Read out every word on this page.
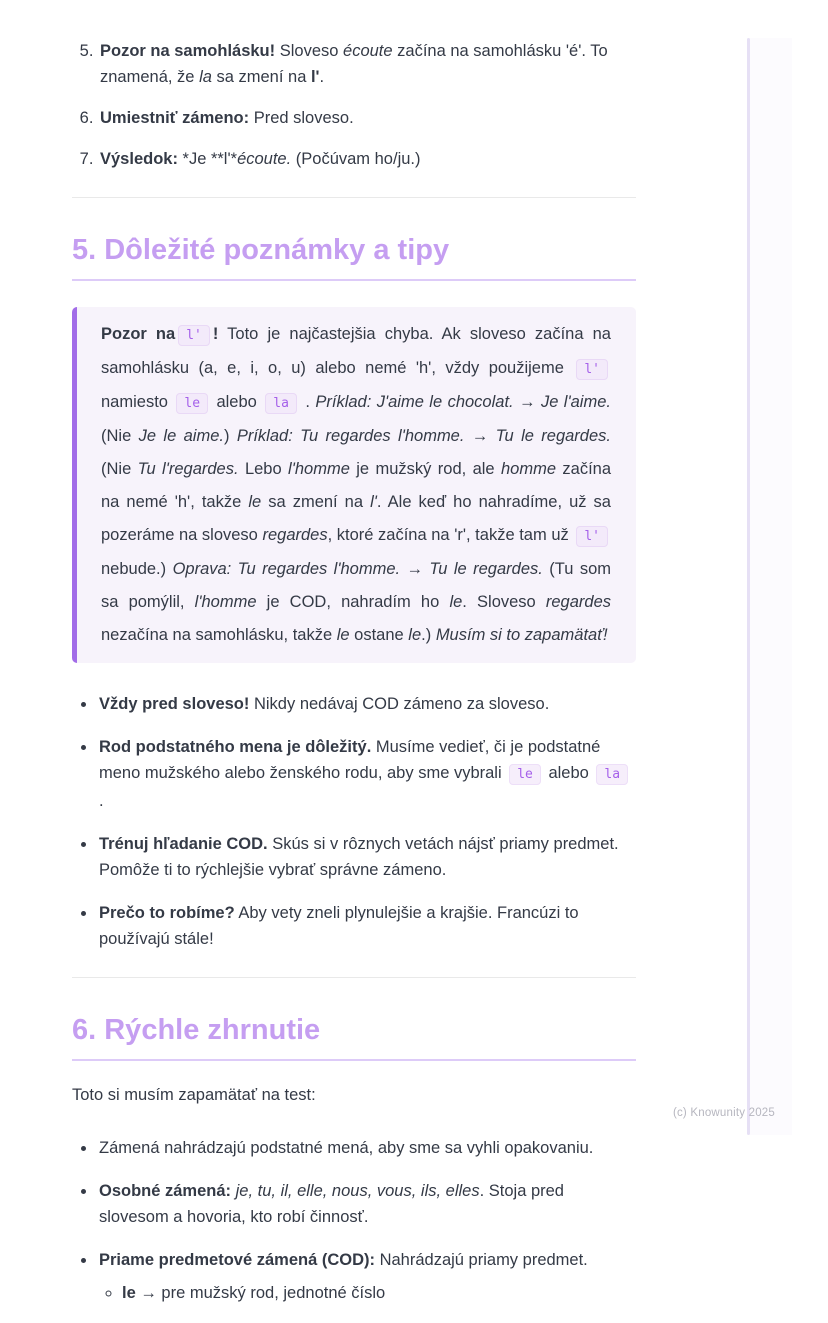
5. Pozor na samohlásku! Sloveso écoute začína na samohlásku 'é'. To znamená, že la sa zmení na l'.
6. Umiestniť zámeno: Pred sloveso.
7. Výsledok: *Je **l'*écoute. (Počúvam ho/ju.)
5. Dôležité poznámky a tipy
Pozor na l' ! Toto je najčastejšia chyba. Ak sloveso začína na samohlásku (a, e, i, o, u) alebo nemé 'h', vždy použijeme l' namiesto le alebo la . Príklad: J'aime le chocolat. → Je l'aime. (Nie Je le aime.) Príklad: Tu regardes l'homme. → Tu le regardes. (Nie Tu l'regardes. Lebo l'homme je mužský rod, ale homme začína na nemé 'h', takže le sa zmení na l'. Ale keď ho nahradíme, už sa pozeráme na sloveso regardes, ktoré začína na 'r', takže tam už l' nebude.) Oprava: Tu regardes l'homme. → Tu le regardes. (Tu som sa pomýlil, l'homme je COD, nahradím ho le. Sloveso regardes nezačína na samohlásku, takže le ostane le.) Musím si to zapamätať!
• Vždy pred sloveso! Nikdy nedávaj COD zámeno za sloveso.
• Rod podstatného mena je dôležitý. Musíme vedieť, či je podstatné meno mužského alebo ženského rodu, aby sme vybrali le alebo la .
• Trénuj hľadanie COD. Skús si v rôznych vetách nájsť priamy predmet. Pomôže ti to rýchlejšie vybrať správne zámeno.
• Prečo to robíme? Aby vety zneli plynulejšie a krajšie. Francúzi to používajú stále!
6. Rýchle zhrnutie

Toto si musím zapamätať na test:

• Zámená nahrádzajú podstatné mená, aby sme sa vyhli opakovaniu.
• Osobné zámená: je, tu, il, elle, nous, vous, ils, elles. Stoja pred slovesom a hovoria, kto robí činnosť.
• Priame predmetové zámená (COD): Nahrádzajú priamy predmet.
◦ le → pre mužský rod, jednotné číslo
(c) Knowunity 2025
